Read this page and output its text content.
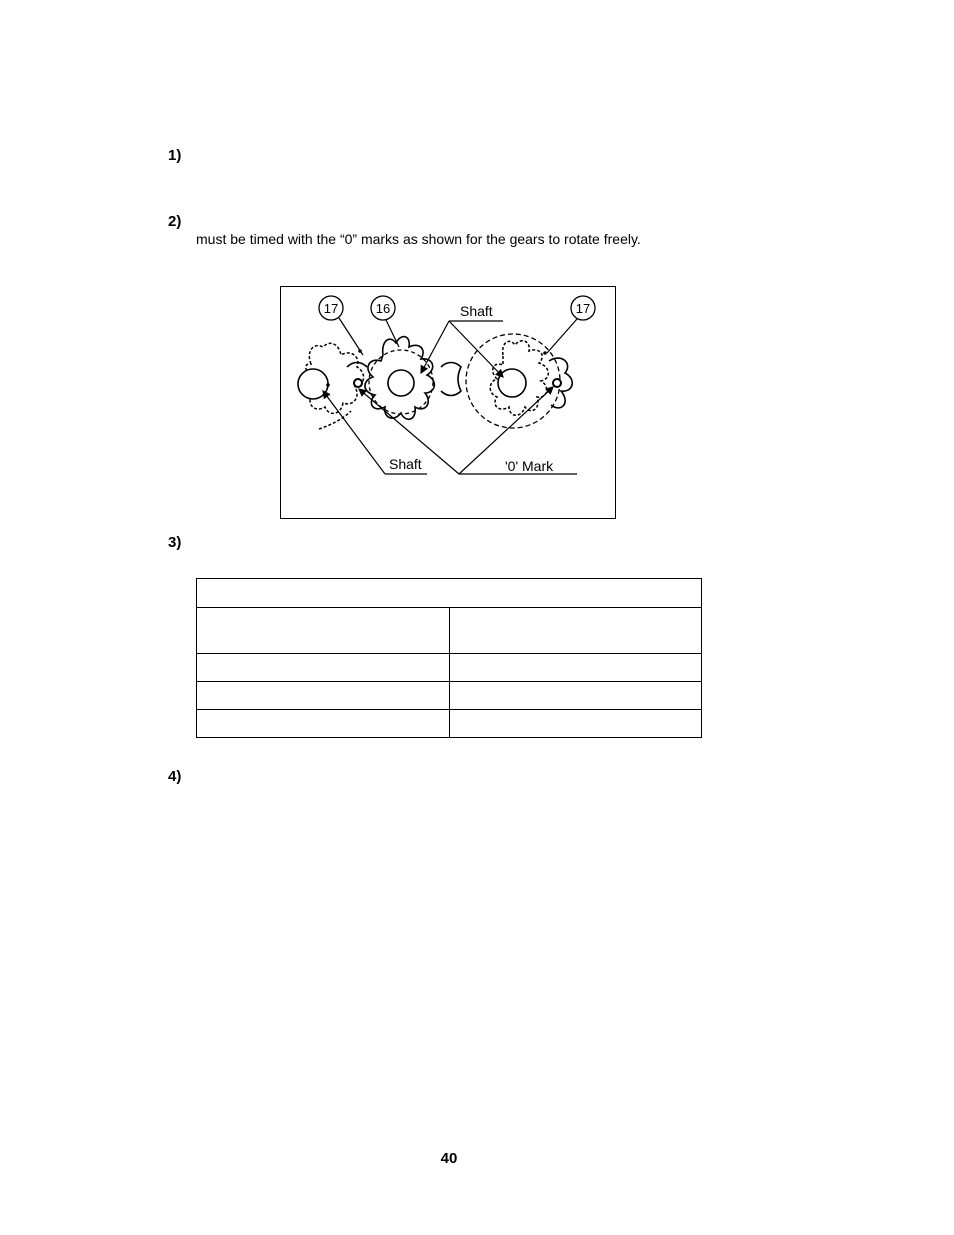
1)
2)
must be timed with the “0” marks as shown for the gears to rotate freely.
17	16	17
Shaft
Shaft	'0' Mark
3)

4)
40
